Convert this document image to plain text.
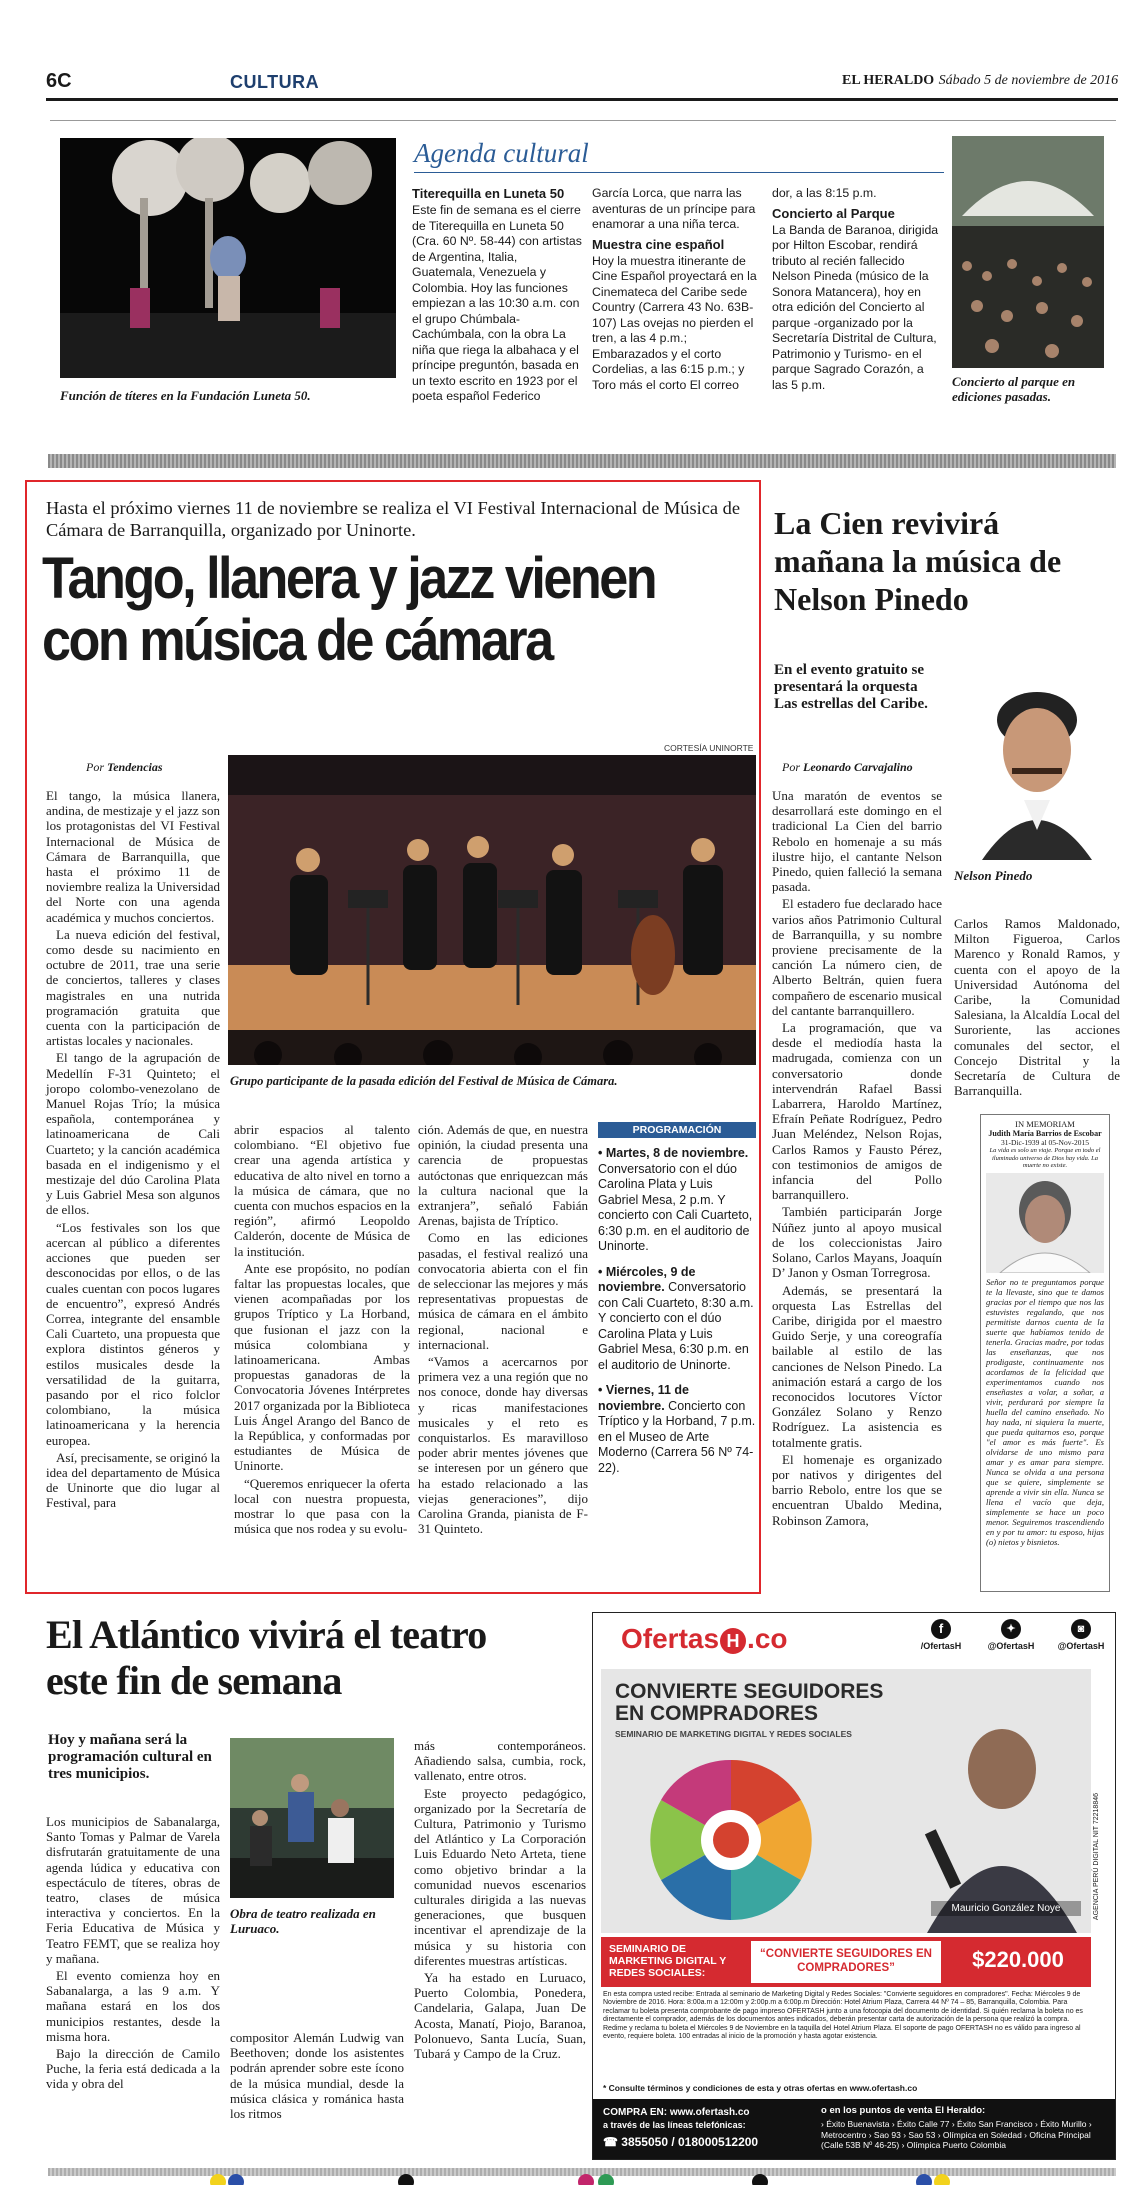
6C	CULTURA	EL HERALDO Sábado 5 de noviembre de 2016
Función de títeres en la Fundación Luneta 50.
Agenda cultural
Titerequilla en Luneta 50
Este fin de semana es el cierre de Titerequilla en Luneta 50 (Cra. 60 Nº. 58-44) con artistas de Argentina, Italia, Guatemala, Venezuela y Colombia. Hoy las funciones empiezan a las 10:30 a.m. con el grupo Chúmbala-Cachúmbala, con la obra La niña que riega la albahaca y el príncipe preguntón, basada en un texto escrito en 1923 por el poeta español Federico
García Lorca, que narra las aventuras de un príncipe para enamorar a una niña terca.
Muestra cine español
Hoy la muestra itinerante de Cine Español proyectará en la Cinemateca del Caribe sede Country (Carrera 43 No. 63B-107) Las ovejas no pierden el tren, a las 4 p.m.; Embarazados y el corto Cordelias, a las 6:15 p.m.; y Toro más el corto El correo
dor, a las 8:15 p.m.
Concierto al Parque
La Banda de Baranoa, dirigida por Hilton Escobar, rendirá tributo al recién fallecido Nelson Pineda (músico de la Sonora Matancera), hoy en otra edición del Concierto al parque -organizado por la Secretaría Distrital de Cultura, Patrimonio y Turismo- en el parque Sagrado Corazón, a las 5 p.m.	Concierto al parque en ediciones pasadas.
Hasta el próximo viernes 11 de noviembre se realiza el VI Festival Internacional de Música de Cámara de Barranquilla, organizado por Uninorte.
Tango, llanera y jazz vienen
con música de cámara
Por Tendencias
CORTESÍA UNINORTE
Grupo participante de la pasada edición del Festival de Música de Cámara.

El tango, la música llanera, andina, de mestizaje y el jazz son los protagonistas del VI Festival Internacional de Música de Cámara de Barranquilla, que hasta el próximo 11 de noviembre realiza la Universidad del Norte con una agenda académica y muchos conciertos.

La nueva edición del festival, como desde su nacimiento en octubre de 2011, trae una serie de conciertos, talleres y clases magistrales en una nutrida programación gratuita que cuenta con la participación de artistas locales y nacionales.

El tango de la agrupación de Medellín F-31 Quinteto; el joropo colombo-venezolano de Manuel Rojas Trío; la música española, contemporánea y latinoamericana de Cali Cuarteto; y la canción académica basada en el indigenismo y el mestizaje del dúo Carolina Plata y Luis Gabriel Mesa son algunos de ellos.

“Los festivales son los que acercan al público a diferentes acciones que pueden ser desconocidas por ellos, o de las cuales cuentan con pocos lugares de encuentro”, expresó Andrés Correa, integrante del ensamble Cali Cuarteto, una propuesta que explora distintos géneros y estilos musicales desde la versatilidad de la guitarra, pasando por el rico folclor colombiano, la música latinoamericana y la herencia europea.

Así, precisamente, se originó la idea del departamento de Música de Uninorte que dio lugar al Festival, para

abrir espacios al talento colombiano. “El objetivo fue crear una agenda artística y educativa de alto nivel en torno a la música de cámara, que no cuenta con muchos espacios en la región”, afirmó Leopoldo Calderón, docente de Música de la institución.

Ante ese propósito, no podían faltar las propuestas locales, que vienen acompañadas por los grupos Tríptico y La Horband, que fusionan el jazz con la música colombiana y latinoamericana. Ambas propuestas ganadoras de la Convocatoria Jóvenes Intérpretes 2017 organizada por la Biblioteca Luis Ángel Arango del Banco de la República, y conformadas por estudiantes de Música de Uninorte.

“Queremos enriquecer la oferta local con nuestra propuesta, mostrar lo que pasa con la música que nos rodea y su evolu-

ción. Además de que, en nuestra opinión, la ciudad presenta una carencia de propuestas autóctonas que enriquezcan más la cultura nacional que la extranjera”, señaló Fabián Arenas, bajista de Tríptico.

Como en las ediciones pasadas, el festival realizó una convocatoria abierta con el fin de seleccionar las mejores y más representativas propuestas de música de cámara en el ámbito regional, nacional e internacional.

“Vamos a acercarnos por primera vez a una región que no nos conoce, donde hay diversas y ricas manifestaciones musicales y el reto es conquistarlos. Es maravilloso poder abrir mentes jóvenes que se interesen por un género que ha estado relacionado a las viejas generaciones”, dijo Carolina Granda, pianista de F-31 Quinteto.

PROGRAMACIÓN

• Martes, 8 de noviembre. Conversatorio con el dúo Carolina Plata y Luis Gabriel Mesa, 2 p.m. Y concierto con Cali Cuarteto, 6:30 p.m. en el auditorio de Uninorte.

• Miércoles, 9 de noviembre. Conversatorio con Cali Cuarteto, 8:30 a.m. Y concierto con el dúo Carolina Plata y Luis Gabriel Mesa, 6:30 p.m. en el auditorio de Uninorte.

• Viernes, 11 de noviembre. Concierto con Tríptico y la Horband, 7 p.m. en el Museo de Arte Moderno (Carrera 56 Nº 74-22).

La Cien revivirá mañana la música de Nelson Pinedo
En el evento gratuito se presentará la orquesta Las estrellas del Caribe.
Por Leonardo Carvajalino
Nelson Pinedo

Una maratón de eventos se desarrollará este domingo en el tradicional La Cien del barrio Rebolo en homenaje a su más ilustre hijo, el cantante Nelson Pinedo, quien falleció la semana pasada.

El estadero fue declarado hace varios años Patrimonio Cultural de Barranquilla, y su nombre proviene precisamente de la canción La número cien, de Alberto Beltrán, quien fuera compañero de escenario musical del cantante barranquillero.

La programación, que va desde el mediodía hasta la madrugada, comienza con un conversatorio donde intervendrán Rafael Bassi Labarrera, Haroldo Martínez, Efraín Peñate Rodríguez, Pedro Juan Meléndez, Nelson Rojas, Carlos Ramos y Fausto Pérez, con testimonios de amigos de infancia del Pollo barranquillero.

También participarán Jorge Núñez junto al apoyo musical de los coleccionistas Jairo Solano, Carlos Mayans, Joaquín D’ Janon y Osman Torregrosa.

Además, se presentará la orquesta Las Estrellas del Caribe, dirigida por el maestro Guido Serje, y una coreografía bailable al estilo de las canciones de Nelson Pinedo. La animación estará a cargo de los reconocidos locutores Víctor González Solano y Renzo Rodríguez. La asistencia es totalmente gratis.

El homenaje es organizado por nativos y dirigentes del barrio Rebolo, entre los que se encuentran Ubaldo Medina, Robinson Zamora,

Carlos Ramos Maldonado, Milton Figueroa, Carlos Marenco y Ronald Ramos, y cuenta con el apoyo de la Universidad Autónoma del Caribe, la Comunidad Salesiana, la Alcaldía Local del Suroriente, las acciones comunales del sector, el Concejo Distrital y la Secretaría de Cultura de Barranquilla.

IN MEMORIAM
Judith María Barrios de Escobar
31-Dic-1939 al 05-Nov-2015
La vida es solo un viaje. Porque en todo el iluminado universo de Dios hay vida. La muerte no existe.
Señor no te preguntamos porque te la llevaste, sino que te damos gracias por el tiempo que nos las estuvistes regalando, que nos permitiste darnos cuenta de la suerte que habíamos tenido de tenerla. Gracias madre, por todas las enseñanzas, que nos prodigaste, continuamente nos acordamos de la felicidad que experimentamos cuando nos enseñastes a volar, a soñar, a vivir, perdurará por siempre la huella del camino enseñado. No hay nada, ni siquiera la muerte, que pueda quitarnos eso, porque "el amor es más fuerte". Es olvidarse de uno mismo para amar y es amar para siempre. Nunca se olvida a una persona que se quiere, simplemente se aprende a vivir sin ella. Nunca se llena el vacío que deja, simplemente se hace un poco menor. Seguiremos trascendiendo en y por tu amor: tu esposo, hijas (o) nietos y bisnietos.
El Atlántico vivirá el teatro
este fin de semana
Hoy y mañana será la programación cultural en tres municipios.

Los municipios de Sabanalarga, Santo Tomas y Palmar de Varela disfrutarán gratuitamente de una agenda lúdica y educativa con espectáculo de títeres, obras de teatro, clases de música interactiva y conciertos. En la Feria Educativa de Música y Teatro FEMT, que se realiza hoy y mañana.

El evento comienza hoy en Sabanalarga, a las 9 a.m. Y mañana estará en los dos municipios restantes, desde la misma hora.

Bajo la dirección de Camilo Puche, la feria está dedicada a la vida y obra del

Obra de teatro realizada en Luruaco.

compositor Alemán Ludwig van Beethoven; donde los asistentes podrán aprender sobre este ícono de la música mundial, desde la música clásica y románica hasta los ritmos

más contemporáneos. Añadiendo salsa, cumbia, rock, vallenato, entre otros.

Este proyecto pedagógico, organizado por la Secretaría de Cultura, Patrimonio y Turismo del Atlántico y La Corporación Luis Eduardo Neto Arteta, tiene como objetivo brindar a la comunidad nuevos escenarios culturales dirigida a las nuevas generaciones, que busquen incentivar el aprendizaje de la música y su historia con diferentes muestras artísticas.

Ya ha estado en Luruaco, Puerto Colombia, Ponedera, Candelaria, Galapa, Juan De Acosta, Manatí, Piojo, Baranoa, Polonuevo, Santa Lucía, Suan, Tubará y Campo de la Cruz.

Ofertas H .co	f
/OfertasH
✦
@OfertasH
◙
@OfertasH
CONVIERTE SEGUIDORES EN COMPRADORES
SEMINARIO DE MARKETING DIGITAL Y REDES SOCIALES
Mauricio González Noye	AGENCIA PERÚ DIGITAL NIT 72218846
SEMINARIO DE MARKETING DIGITAL Y REDES SOCIALES:
“CONVIERTE SEGUIDORES EN COMPRADORES”	$220.000
En esta compra usted recibe: Entrada al seminario de Marketing Digital y Redes Sociales: "Convierte seguidores en compradores". Fecha: Miércoles 9 de Noviembre de 2016. Hora: 8:00a.m a 12:00m y 2:00p.m a 6:00p.m Dirección: Hotel Atrium Plaza, Carrera 44 Nº 74 – 85, Barranquilla, Colombia. Para reclamar tu boleta presenta comprobante de pago impreso OFERTASH junto a una fotocopia del documento de identidad. Si quién reclama la boleta no es directamente el comprador, además de los documentos antes indicados, deberán presentar carta de autorización de la persona que realizó la compra. Redime y reclama tu boleta el Miércoles 9 de Noviembre en la taquilla del Hotel Atrium Plaza. El soporte de pago OFERTASH no es válido para ingreso al evento, requiere boleta. 100 entradas al inicio de la promoción y hasta agotar existencia.
* Consulte términos y condiciones de esta y otras ofertas en www.ofertash.co
COMPRA EN: www.ofertash.co
a través de las líneas telefónicas:
☎ 3855050 / 018000512200
o en los puntos de venta El Heraldo:
› Éxito Buenavista › Éxito Calle 77 › Éxito San Francisco › Éxito Murillo › Metrocentro › Sao 93 › Sao 53 › Olímpica en Soledad › Oficina Principal (Calle 53B Nº 46-25) › Olímpica Puerto Colombia
